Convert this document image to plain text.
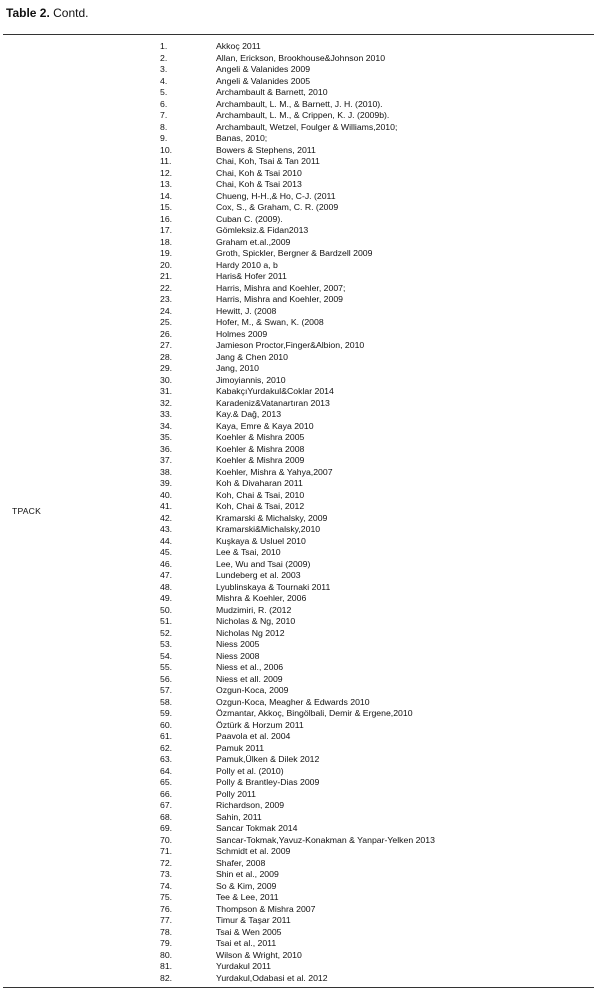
Table 2. Contd.
TPACK
1.	Akkoç 2011
2.	Allan, Erickson, Brookhouse&Johnson 2010
3.	Angeli & Valanides 2009
4.	Angeli & Valanides 2005
5.	Archambault & Barnett, 2010
6.	Archambault, L. M., & Barnett, J. H. (2010).
7.	Archambault, L. M., & Crippen, K. J. (2009b).
8.	Archambault, Wetzel, Foulger & Williams,2010;
9.	Banas, 2010;
10.	Bowers & Stephens, 2011
11.	Chai, Koh, Tsai & Tan 2011
12.	Chai, Koh & Tsai 2010
13.	Chai, Koh & Tsai 2013
14.	Chueng, H-H.,& Ho, C-J. (2011
15.	Cox, S., & Graham, C. R. (2009
16.	Cuban C. (2009).
17.	Gömleksiz.& Fidan2013
18.	Graham et.al.,2009
19.	Groth, Spickler, Bergner & Bardzell 2009
20.	Hardy 2010 a, b
21.	Haris& Hofer 2011
22.	Harris, Mishra and Koehler, 2007;
23.	Harris, Mishra and Koehler, 2009
24.	Hewitt, J. (2008
25.	Hofer, M., & Swan, K. (2008
26.	Holmes 2009
27.	Jamieson Proctor,Finger&Albion, 2010
28.	Jang & Chen 2010
29.	Jang, 2010
30.	Jimoyiannis, 2010
31.	KabakçıYurdakul&Coklar 2014
32.	Karadeniz&Vatanartıran 2013
33.	Kay.& Dağ, 2013
34.	Kaya, Emre & Kaya 2010
35.	Koehler & Mishra 2005
36.	Koehler & Mishra 2008
37.	Koehler & Mishra 2009
38.	Koehler, Mishra & Yahya,2007
39.	Koh & Divaharan 2011
40.	Koh, Chai & Tsai, 2010
41.	Koh, Chai & Tsai, 2012
42.	Kramarski & Michalsky, 2009
43.	Kramarski&Michalsky,2010
44.	Kuşkaya & Usluel 2010
45.	Lee & Tsai, 2010
46.	Lee, Wu and Tsai (2009)
47.	Lundeberg et al. 2003
48.	Lyublinskaya & Tournaki 2011
49.	Mishra & Koehler, 2006
50.	Mudzimiri, R. (2012
51.	Nicholas & Ng, 2010
52.	Nicholas Ng 2012
53.	Niess 2005
54.	Niess 2008
55.	Niess et al., 2006
56.	Niess et all. 2009
57.	Ozgun-Koca, 2009
58.	Ozgun-Koca, Meagher & Edwards 2010
59.	Özmantar, Akkoç, Bingölbali, Demir & Ergene,2010
60.	Öztürk & Horzum 2011
61.	Paavola et al. 2004
62.	Pamuk 2011
63.	Pamuk,Ülken & Dilek 2012
64.	Polly et al. (2010)
65.	Polly & Brantley-Dias 2009
66.	Polly 2011
67.	Richardson, 2009
68.	Sahin, 2011
69.	Sancar Tokmak 2014
70.	Sancar-Tokmak,Yavuz-Konakman & Yanpar-Yelken 2013
71.	Schmidt et al. 2009
72.	Shafer, 2008
73.	Shin et al., 2009
74.	So & Kim, 2009
75.	Tee & Lee, 2011
76.	Thompson & Mishra 2007
77.	Timur & Taşar 2011
78.	Tsai & Wen 2005
79.	Tsai et al., 2011
80.	Wilson & Wright, 2010
81.	Yurdakul 2011
82.	Yurdakul,Odabasi et al. 2012
